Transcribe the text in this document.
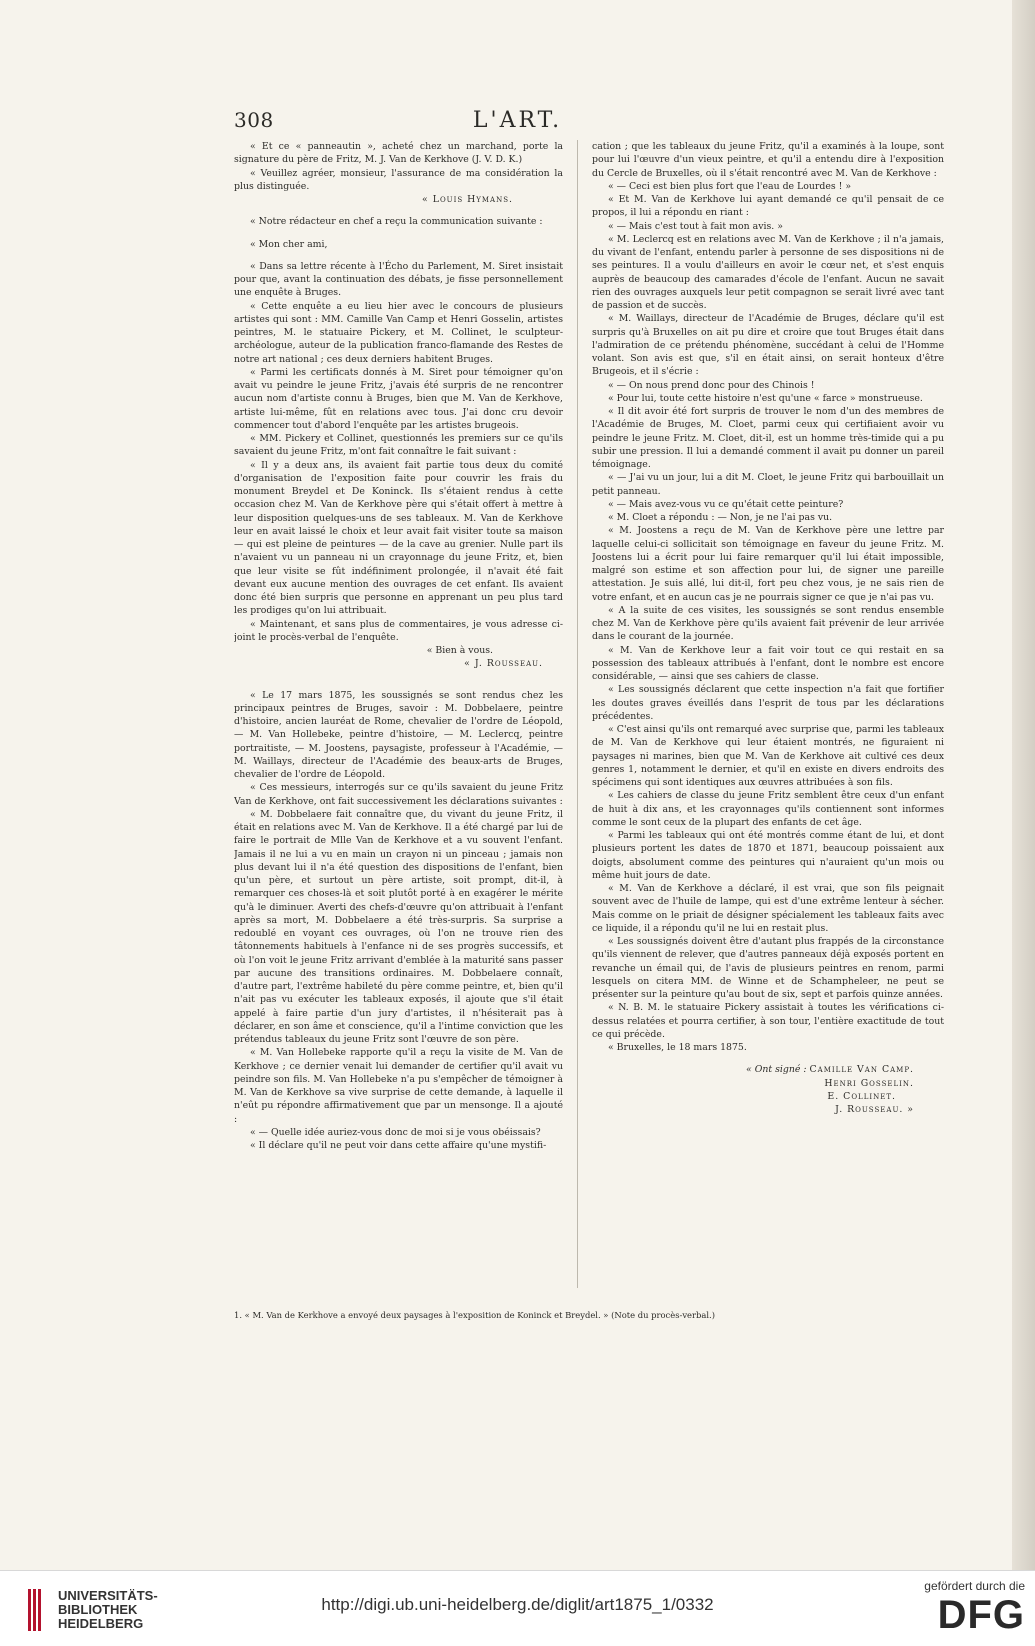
308	L'ART.

« Et ce « panneautin », acheté chez un marchand, porte la signature du père de Fritz, M. J. Van de Kerkhove (J. V. D. K.)

« Veuillez agréer, monsieur, l'assurance de ma considération la plus distinguée.

« Louis Hymans.

« Notre rédacteur en chef a reçu la communication suivante :

« Mon cher ami,

« Dans sa lettre récente à l'Écho du Parlement, M. Siret insistait pour que, avant la continuation des débats, je fisse personnellement une enquête à Bruges.

« Cette enquête a eu lieu hier avec le concours de plusieurs artistes qui sont : MM. Camille Van Camp et Henri Gosselin, artistes peintres, M. le statuaire Pickery, et M. Collinet, le sculpteur-archéologue, auteur de la publication franco-flamande des Restes de notre art national ; ces deux derniers habitent Bruges.

« Parmi les certificats donnés à M. Siret pour témoigner qu'on avait vu peindre le jeune Fritz, j'avais été surpris de ne rencontrer aucun nom d'artiste connu à Bruges, bien que M. Van de Kerkhove, artiste lui-même, fût en relations avec tous. J'ai donc cru devoir commencer tout d'abord l'enquête par les artistes brugeois.

« MM. Pickery et Collinet, questionnés les premiers sur ce qu'ils savaient du jeune Fritz, m'ont fait connaître le fait suivant :

« Il y a deux ans, ils avaient fait partie tous deux du comité d'organisation de l'exposition faite pour couvrir les frais du monument Breydel et De Koninck. Ils s'étaient rendus à cette occasion chez M. Van de Kerkhove père qui s'était offert à mettre à leur disposition quelques-uns de ses tableaux. M. Van de Kerkhove leur en avait laissé le choix et leur avait fait visiter toute sa maison — qui est pleine de peintures — de la cave au grenier. Nulle part ils n'avaient vu un panneau ni un crayonnage du jeune Fritz, et, bien que leur visite se fût indéfiniment prolongée, il n'avait été fait devant eux aucune mention des ouvrages de cet enfant. Ils avaient donc été bien surpris que personne en apprenant un peu plus tard les prodiges qu'on lui attribuait.

« Maintenant, et sans plus de commentaires, je vous adresse ci-joint le procès-verbal de l'enquête.

« Bien à vous.

« J. Rousseau.

« Le 17 mars 1875, les soussignés se sont rendus chez les principaux peintres de Bruges, savoir : M. Dobbelaere, peintre d'histoire, ancien lauréat de Rome, chevalier de l'ordre de Léopold, — M. Van Hollebeke, peintre d'histoire, — M. Leclercq, peintre portraitiste, — M. Joostens, paysagiste, professeur à l'Académie, — M. Waillays, directeur de l'Académie des beaux-arts de Bruges, chevalier de l'ordre de Léopold.

« Ces messieurs, interrogés sur ce qu'ils savaient du jeune Fritz Van de Kerkhove, ont fait successivement les déclarations suivantes :

« M. Dobbelaere fait connaître que, du vivant du jeune Fritz, il était en relations avec M. Van de Kerkhove. Il a été chargé par lui de faire le portrait de Mlle Van de Kerkhove et a vu souvent l'enfant. Jamais il ne lui a vu en main un crayon ni un pinceau ; jamais non plus devant lui il n'a été question des dispositions de l'enfant, bien qu'un père, et surtout un père artiste, soit prompt, dit-il, à remarquer ces choses-là et soit plutôt porté à en exagérer le mérite qu'à le diminuer. Averti des chefs-d'œuvre qu'on attribuait à l'enfant après sa mort, M. Dobbelaere a été très-surpris. Sa surprise a redoublé en voyant ces ouvrages, où l'on ne trouve rien des tâtonnements habituels à l'enfance ni de ses progrès successifs, et où l'on voit le jeune Fritz arrivant d'emblée à la maturité sans passer par aucune des transitions ordinaires. M. Dobbelaere connaît, d'autre part, l'extrême habileté du père comme peintre, et, bien qu'il n'ait pas vu exécuter les tableaux exposés, il ajoute que s'il était appelé à faire partie d'un jury d'artistes, il n'hésiterait pas à déclarer, en son âme et conscience, qu'il a l'intime conviction que les prétendus tableaux du jeune Fritz sont l'œuvre de son père.

« M. Van Hollebeke rapporte qu'il a reçu la visite de M. Van de Kerkhove ; ce dernier venait lui demander de certifier qu'il avait vu peindre son fils. M. Van Hollebeke n'a pu s'empêcher de témoigner à M. Van de Kerkhove sa vive surprise de cette demande, à laquelle il n'eût pu répondre affirmativement que par un mensonge. Il a ajouté :

« — Quelle idée auriez-vous donc de moi si je vous obéissais?

« Il déclare qu'il ne peut voir dans cette affaire qu'une mystifi-

cation ; que les tableaux du jeune Fritz, qu'il a examinés à la loupe, sont pour lui l'œuvre d'un vieux peintre, et qu'il a entendu dire à l'exposition du Cercle de Bruxelles, où il s'était rencontré avec M. Van de Kerkhove :

« — Ceci est bien plus fort que l'eau de Lourdes ! »

« Et M. Van de Kerkhove lui ayant demandé ce qu'il pensait de ce propos, il lui a répondu en riant :

« — Mais c'est tout à fait mon avis. »

« M. Leclercq est en relations avec M. Van de Kerkhove ; il n'a jamais, du vivant de l'enfant, entendu parler à personne de ses dispositions ni de ses peintures. Il a voulu d'ailleurs en avoir le cœur net, et s'est enquis auprès de beaucoup des camarades d'école de l'enfant. Aucun ne savait rien des ouvrages auxquels leur petit compagnon se serait livré avec tant de passion et de succès.

« M. Waillays, directeur de l'Académie de Bruges, déclare qu'il est surpris qu'à Bruxelles on ait pu dire et croire que tout Bruges était dans l'admiration de ce prétendu phénomène, succédant à celui de l'Homme volant. Son avis est que, s'il en était ainsi, on serait honteux d'être Brugeois, et il s'écrie :

« — On nous prend donc pour des Chinois !

« Pour lui, toute cette histoire n'est qu'une « farce » monstrueuse.

« Il dit avoir été fort surpris de trouver le nom d'un des membres de l'Académie de Bruges, M. Cloet, parmi ceux qui certifiaient avoir vu peindre le jeune Fritz. M. Cloet, dit-il, est un homme très-timide qui a pu subir une pression. Il lui a demandé comment il avait pu donner un pareil témoignage.

« — J'ai vu un jour, lui a dit M. Cloet, le jeune Fritz qui barbouillait un petit panneau.

« — Mais avez-vous vu ce qu'était cette peinture?

« M. Cloet a répondu : — Non, je ne l'ai pas vu.

« M. Joostens a reçu de M. Van de Kerkhove père une lettre par laquelle celui-ci sollicitait son témoignage en faveur du jeune Fritz. M. Joostens lui a écrit pour lui faire remarquer qu'il lui était impossible, malgré son estime et son affection pour lui, de signer une pareille attestation. Je suis allé, lui dit-il, fort peu chez vous, je ne sais rien de votre enfant, et en aucun cas je ne pourrais signer ce que je n'ai pas vu.

« A la suite de ces visites, les soussignés se sont rendus ensemble chez M. Van de Kerkhove père qu'ils avaient fait prévenir de leur arrivée dans le courant de la journée.

« M. Van de Kerkhove leur a fait voir tout ce qui restait en sa possession des tableaux attribués à l'enfant, dont le nombre est encore considérable, — ainsi que ses cahiers de classe.

« Les soussignés déclarent que cette inspection n'a fait que fortifier les doutes graves éveillés dans l'esprit de tous par les déclarations précédentes.

« C'est ainsi qu'ils ont remarqué avec surprise que, parmi les tableaux de M. Van de Kerkhove qui leur étaient montrés, ne figuraient ni paysages ni marines, bien que M. Van de Kerkhove ait cultivé ces deux genres 1, notamment le dernier, et qu'il en existe en divers endroits des spécimens qui sont identiques aux œuvres attribuées à son fils.

« Les cahiers de classe du jeune Fritz semblent être ceux d'un enfant de huit à dix ans, et les crayonnages qu'ils contiennent sont informes comme le sont ceux de la plupart des enfants de cet âge.

« Parmi les tableaux qui ont été montrés comme étant de lui, et dont plusieurs portent les dates de 1870 et 1871, beaucoup poissaient aux doigts, absolument comme des peintures qui n'auraient qu'un mois ou même huit jours de date.

« M. Van de Kerkhove a déclaré, il est vrai, que son fils peignait souvent avec de l'huile de lampe, qui est d'une extrême lenteur à sécher. Mais comme on le priait de désigner spécialement les tableaux faits avec ce liquide, il a répondu qu'il ne lui en restait plus.

« Les soussignés doivent être d'autant plus frappés de la circonstance qu'ils viennent de relever, que d'autres panneaux déjà exposés portent en revanche un émail qui, de l'avis de plusieurs peintres en renom, parmi lesquels on citera MM. de Winne et de Schampheleer, ne peut se présenter sur la peinture qu'au bout de six, sept et parfois quinze années.

« N. B. M. le statuaire Pickery assistait à toutes les vérifications ci-dessus relatées et pourra certifier, à son tour, l'entière exactitude de tout ce qui précède.

« Bruxelles, le 18 mars 1875.

« Ont signé : Camille Van Camp.

Henri Gosselin.

E. Collinet.

J. Rousseau. »

1. « M. Van de Kerkhove a envoyé deux paysages à l'exposition de Koninck et Breydel. » (Note du procès-verbal.)
UNIVERSITÄTS-
BIBLIOTHEK
HEIDELBERG
http://digi.ub.uni-heidelberg.de/diglit/art1875_1/0332
gefördert durch die
DFG
